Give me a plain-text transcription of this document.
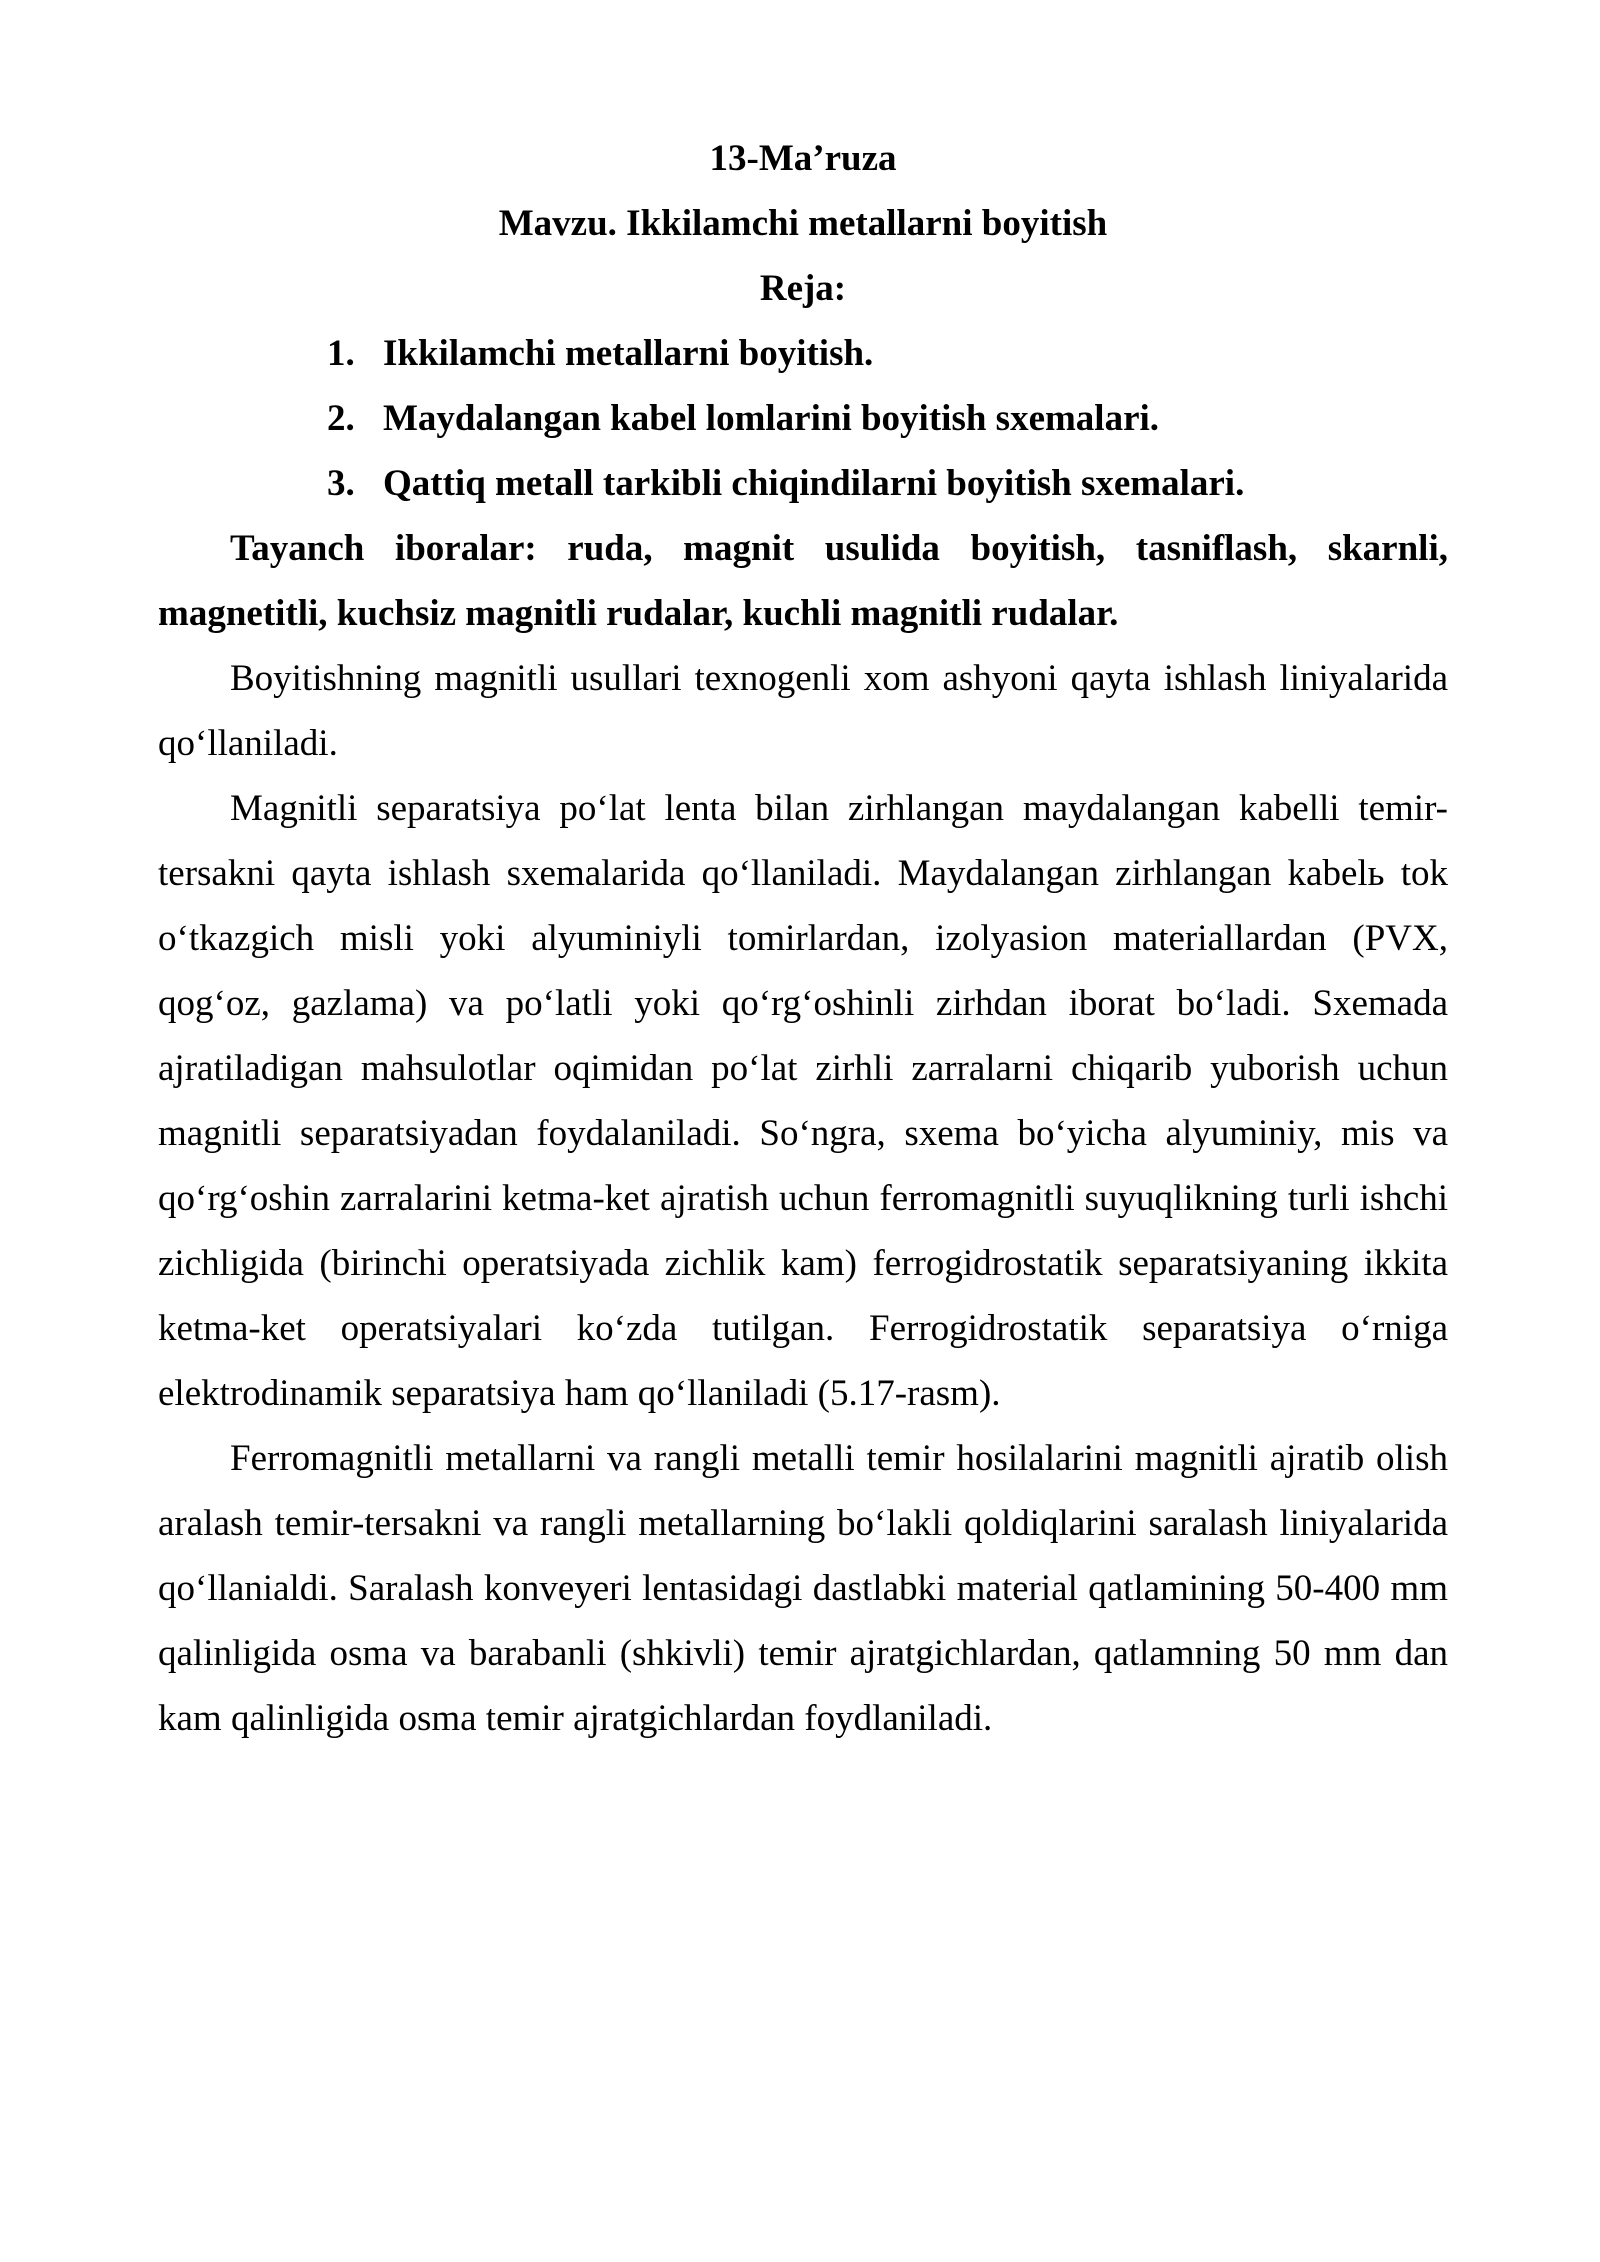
13-Ma’ruza
Mavzu. Ikkilamchi metallarni boyitish
Reja:
1. Ikkilamchi metallarni boyitish.
2. Maydalangan kabel lomlarini boyitish sxemalari.
3. Qattiq metall tarkibli chiqindilarni boyitish sxemalari.

Tayanch iboralar: ruda, magnit usulida boyitish, tasniflash, skarnli, magnetitli, kuchsiz magnitli rudalar, kuchli magnitli rudalar.

Boyitishning magnitli usullari texnogenli xom ashyoni qayta ishlash liniyalarida qo‘llaniladi.

Magnitli separatsiya po‘lat lenta bilan zirhlangan maydalangan kabelli temir-tersakni qayta ishlash sxemalarida qo‘llaniladi. Maydalangan zirhlangan kabelь tok o‘tkazgich misli yoki alyuminiyli tomirlardan, izolyasion materiallardan (PVX, qog‘oz, gazlama) va po‘latli yoki qo‘rg‘oshinli zirhdan iborat bo‘ladi. Sxemada ajratiladigan mahsulotlar oqimidan po‘lat zirhli zarralarni chiqarib yuborish uchun magnitli separatsiyadan foydalaniladi. So‘ngra, sxema bo‘yicha alyuminiy, mis va qo‘rg‘oshin zarralarini ketma-ket ajratish uchun ferromagnitli suyuqlikning turli ishchi zichligida (birinchi operatsiyada zichlik kam) ferrogidrostatik separatsiyaning ikkita ketma-ket operatsiyalari ko‘zda tutilgan. Ferrogidrostatik separatsiya o‘rniga elektrodinamik separatsiya ham qo‘llaniladi (5.17-rasm).

Ferromagnitli metallarni va rangli metalli temir hosilalarini magnitli ajratib olish aralash temir-tersakni va rangli metallarning bo‘lakli qoldiqlarini saralash liniyalarida qo‘llanialdi. Saralash konveyeri lentasidagi dastlabki material qatlamining 50-400 mm qalinligida osma va barabanli (shkivli) temir ajratgichlardan, qatlamning 50 mm dan kam qalinligida osma temir ajratgichlardan foydlaniladi.
